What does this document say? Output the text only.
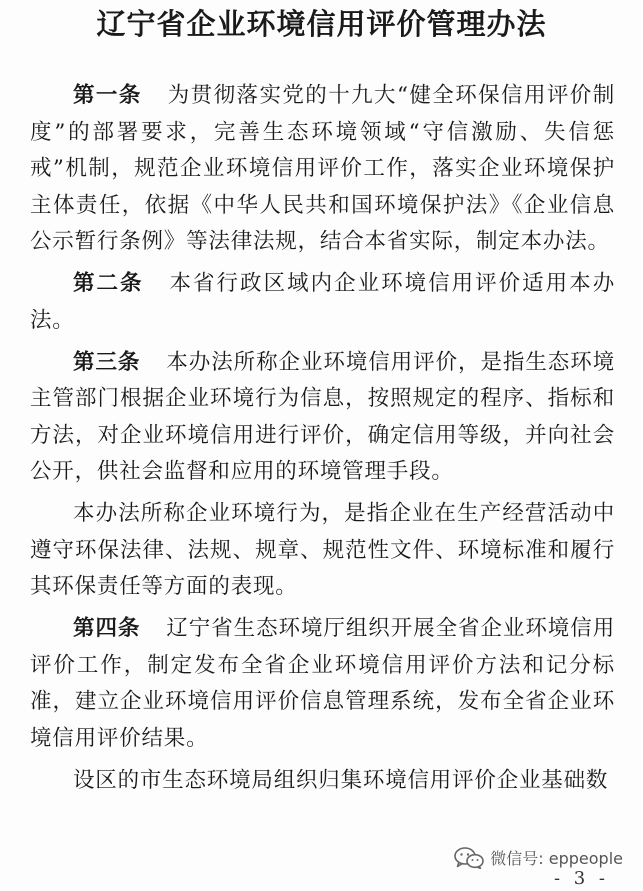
辽宁省企业环境信用评价管理办法

第一条 为贯彻落实党的十九大“健全环保信用评价制度”的部署要求，完善生态环境领域“守信激励、失信惩戒”机制，规范企业环境信用评价工作，落实企业环境保护主体责任，依据《中华人民共和国环境保护法》《企业信息公示暂行条例》等法律法规，结合本省实际，制定本办法。

第二条 本省行政区域内企业环境信用评价适用本办法。

第三条 本办法所称企业环境信用评价，是指生态环境主管部门根据企业环境行为信息，按照规定的程序、指标和方法，对企业环境信用进行评价，确定信用等级，并向社会公开，供社会监督和应用的环境管理手段。

本办法所称企业环境行为，是指企业在生产经营活动中遵守环保法律、法规、规章、规范性文件、环境标准和履行其环保责任等方面的表现。

第四条 辽宁省生态环境厅组织开展全省企业环境信用评价工作，制定发布全省企业环境信用评价方法和记分标准，建立企业环境信用评价信息管理系统，发布全省企业环境信用评价结果。

设区的市生态环境局组织归集环境信用评价企业基础数

微信号: eppeople
- 3 -
